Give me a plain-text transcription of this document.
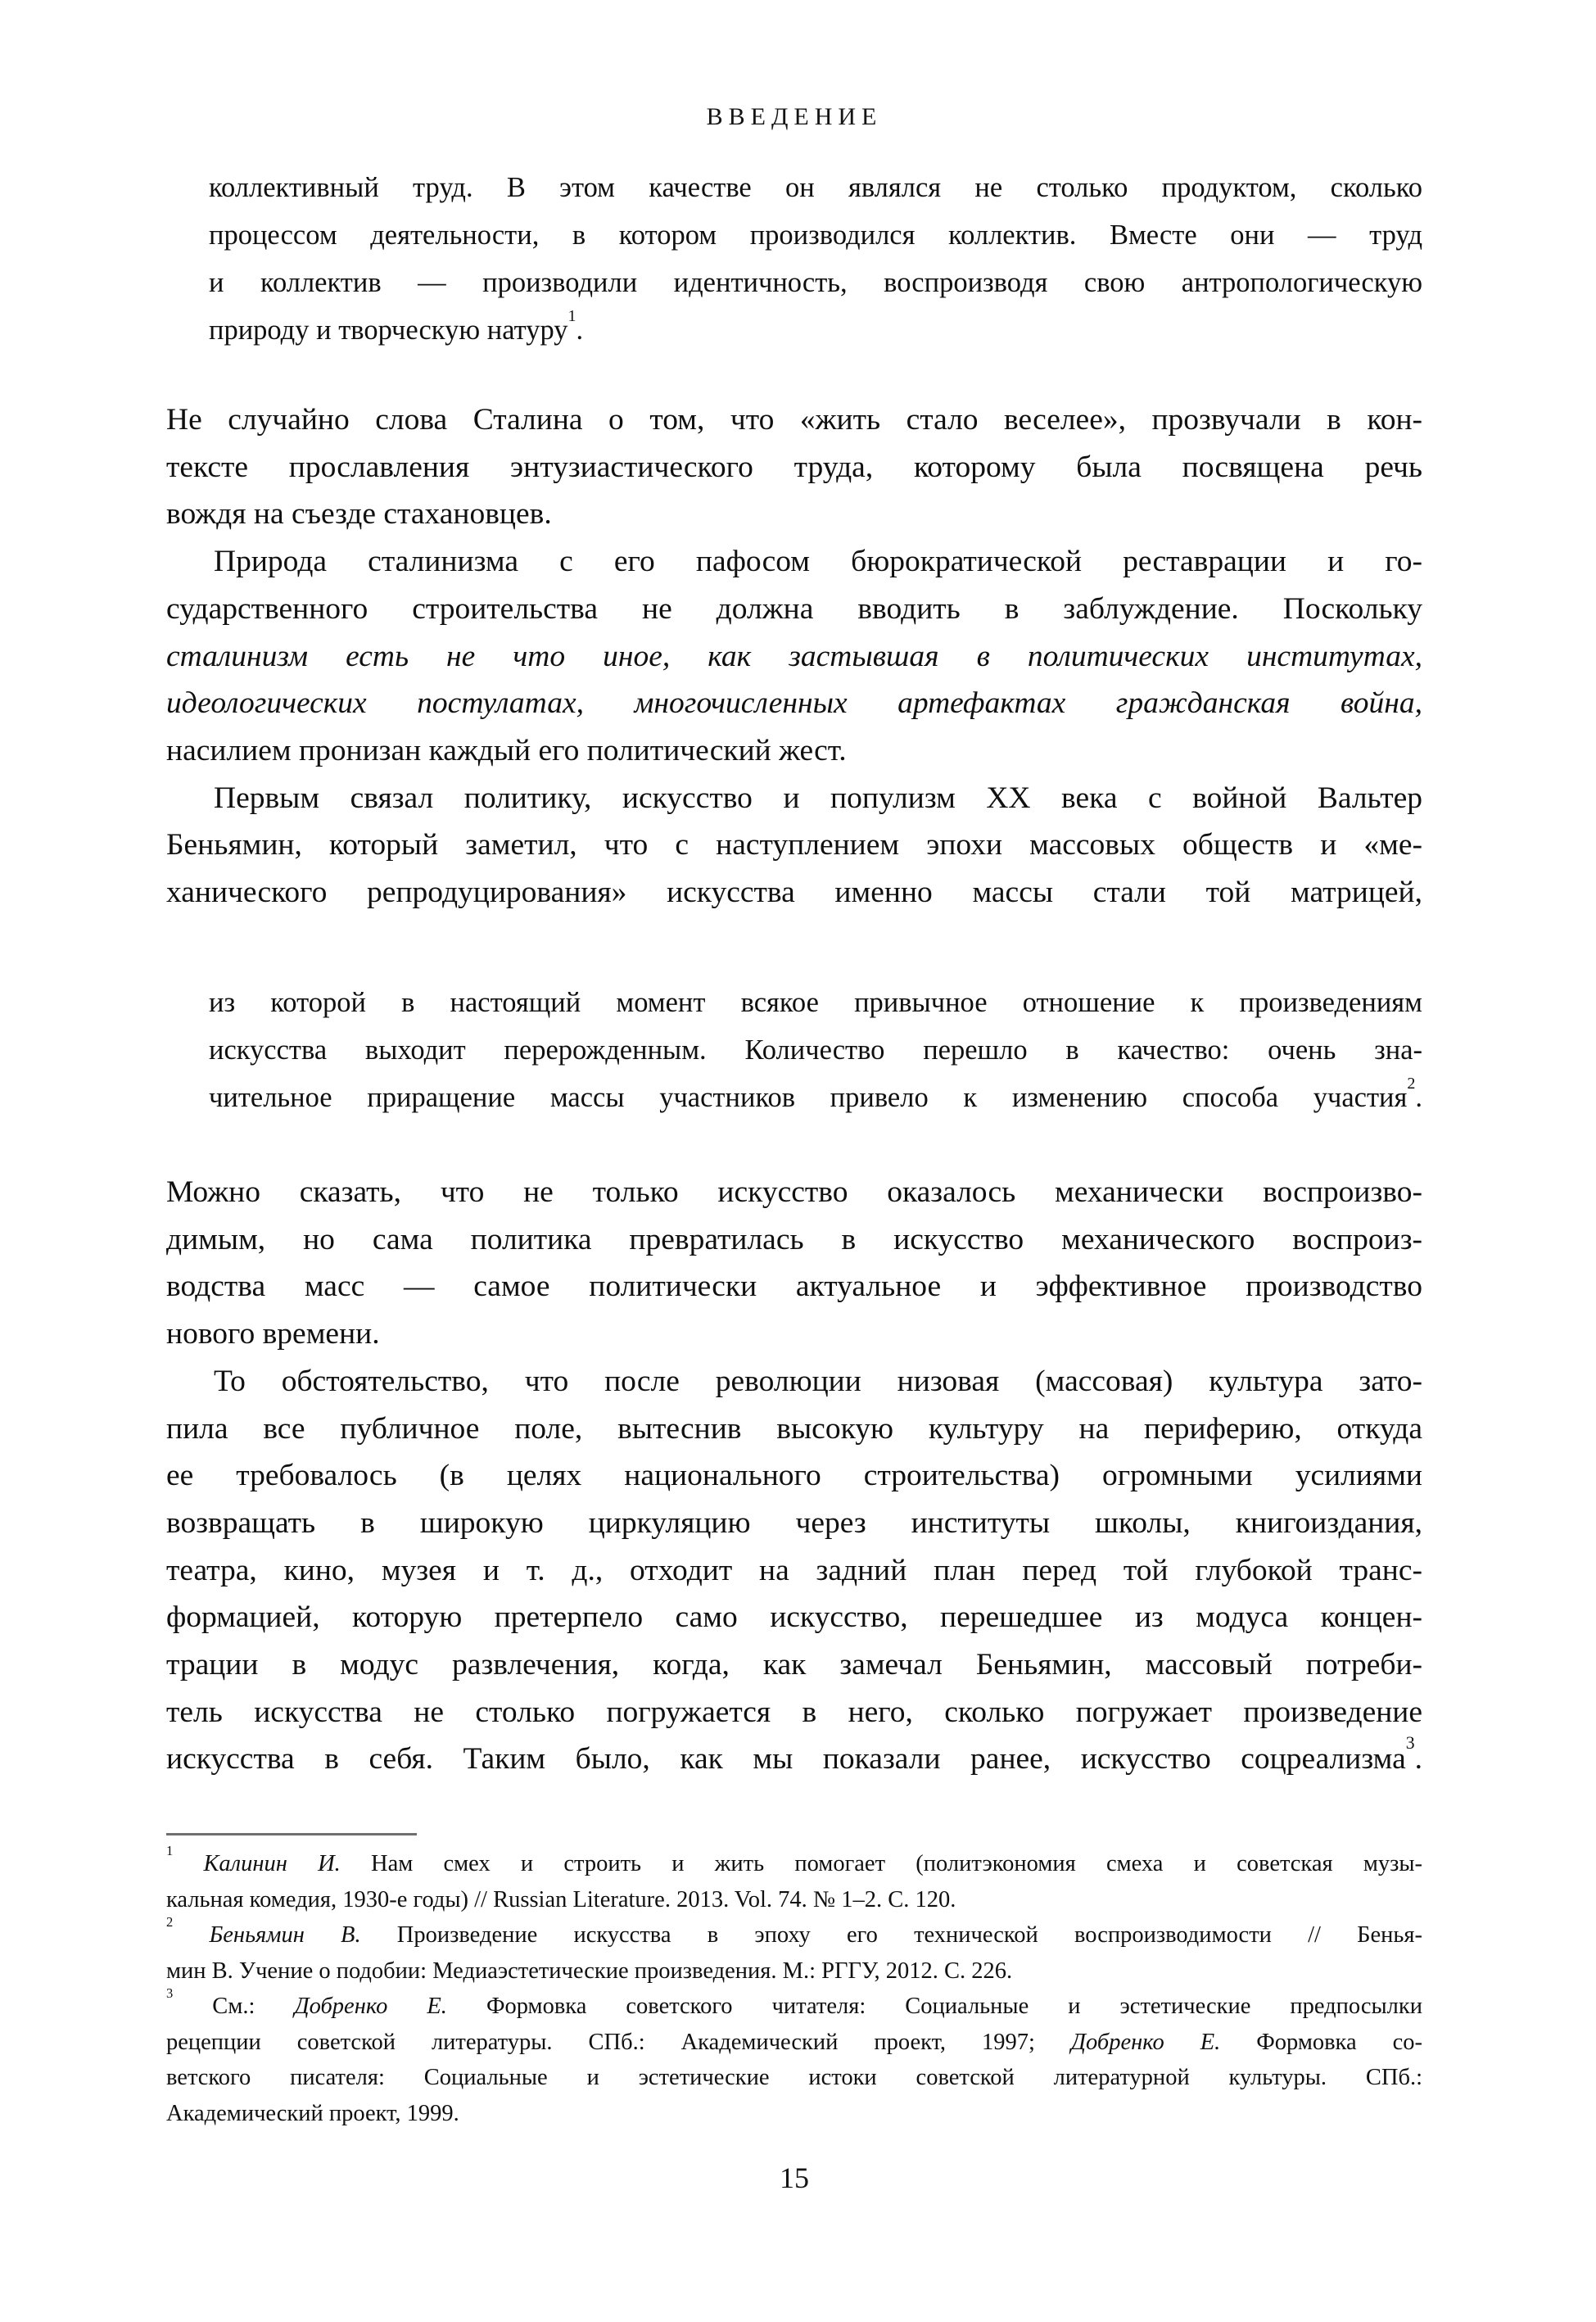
ВВЕДЕНИЕ
коллективный труд. В этом качестве он являлся не столько продуктом, сколько
процессом деятельности, в котором производился коллектив. Вместе они — труд
и коллектив — производили идентичность, воспроизводя свою антропологическую
природу и творческую натуру$^1$.
Не случайно слова Сталина о том, что «жить стало веселее», прозвучали в кон-
тексте прославления энтузиастического труда, которому была посвящена речь
вождя на съезде стахановцев.
Природа сталинизма с его пафосом бюрократической реставрации и го-
сударственного строительства не должна вводить в заблуждение. Поскольку
сталинизм есть не что иное, как застывшая в политических институтах,
идеологических постулатах, многочисленных артефактах гражданская война,
насилием пронизан каждый его политический жест.
Первым связал политику, искусство и популизм XX века с войной Вальтер
Беньямин, который заметил, что с наступлением эпохи массовых обществ и «ме-
ханического репродуцирования» искусства именно массы стали той матрицей,
из которой в настоящий момент всякое привычное отношение к произведениям
искусства выходит перерожденным. Количество перешло в качество: очень зна-
чительное приращение массы участников привело к изменению способа участия$^2$.
Можно сказать, что не только искусство оказалось механически воспроизво-
димым, но сама политика превратилась в искусство механического воспроиз-
водства масс — самое политически актуальное и эффективное производство
нового времени.
То обстоятельство, что после революции низовая (массовая) культура зато-
пила все публичное поле, вытеснив высокую культуру на периферию, откуда
ее требовалось (в целях национального строительства) огромными усилиями
возвращать в широкую циркуляцию через институты школы, книгоиздания,
театра, кино, музея и т. д., отходит на задний план перед той глубокой транс-
формацией, которую претерпело само искусство, перешедшее из модуса концен-
трации в модус развлечения, когда, как замечал Беньямин, массовый потреби-
тель искусства не столько погружается в него, сколько погружает произведение
искусства в себя. Таким было, как мы показали ранее, искусство соцреализма$^3$.
$^1$ Калинин И. Нам смех и строить и жить помогает (политэкономия смеха и советская музы-
кальная комедия, 1930-е годы) // Russian Literature. 2013. Vol. 74. № 1–2. С. 120.
$^2$ Беньямин В. Произведение искусства в эпоху его технической воспроизводимости // Бенья-
мин В. Учение о подобии: Медиаэстетические произведения. М.: РГГУ, 2012. С. 226.
$^3$ См.: Добренко Е. Формовка советского читателя: Социальные и эстетические предпосылки
рецепции советской литературы. СПб.: Академический проект, 1997; Добренко Е. Формовка со-
ветского писателя: Социальные и эстетические истоки советской литературной культуры. СПб.:
Академический проект, 1999.
15
